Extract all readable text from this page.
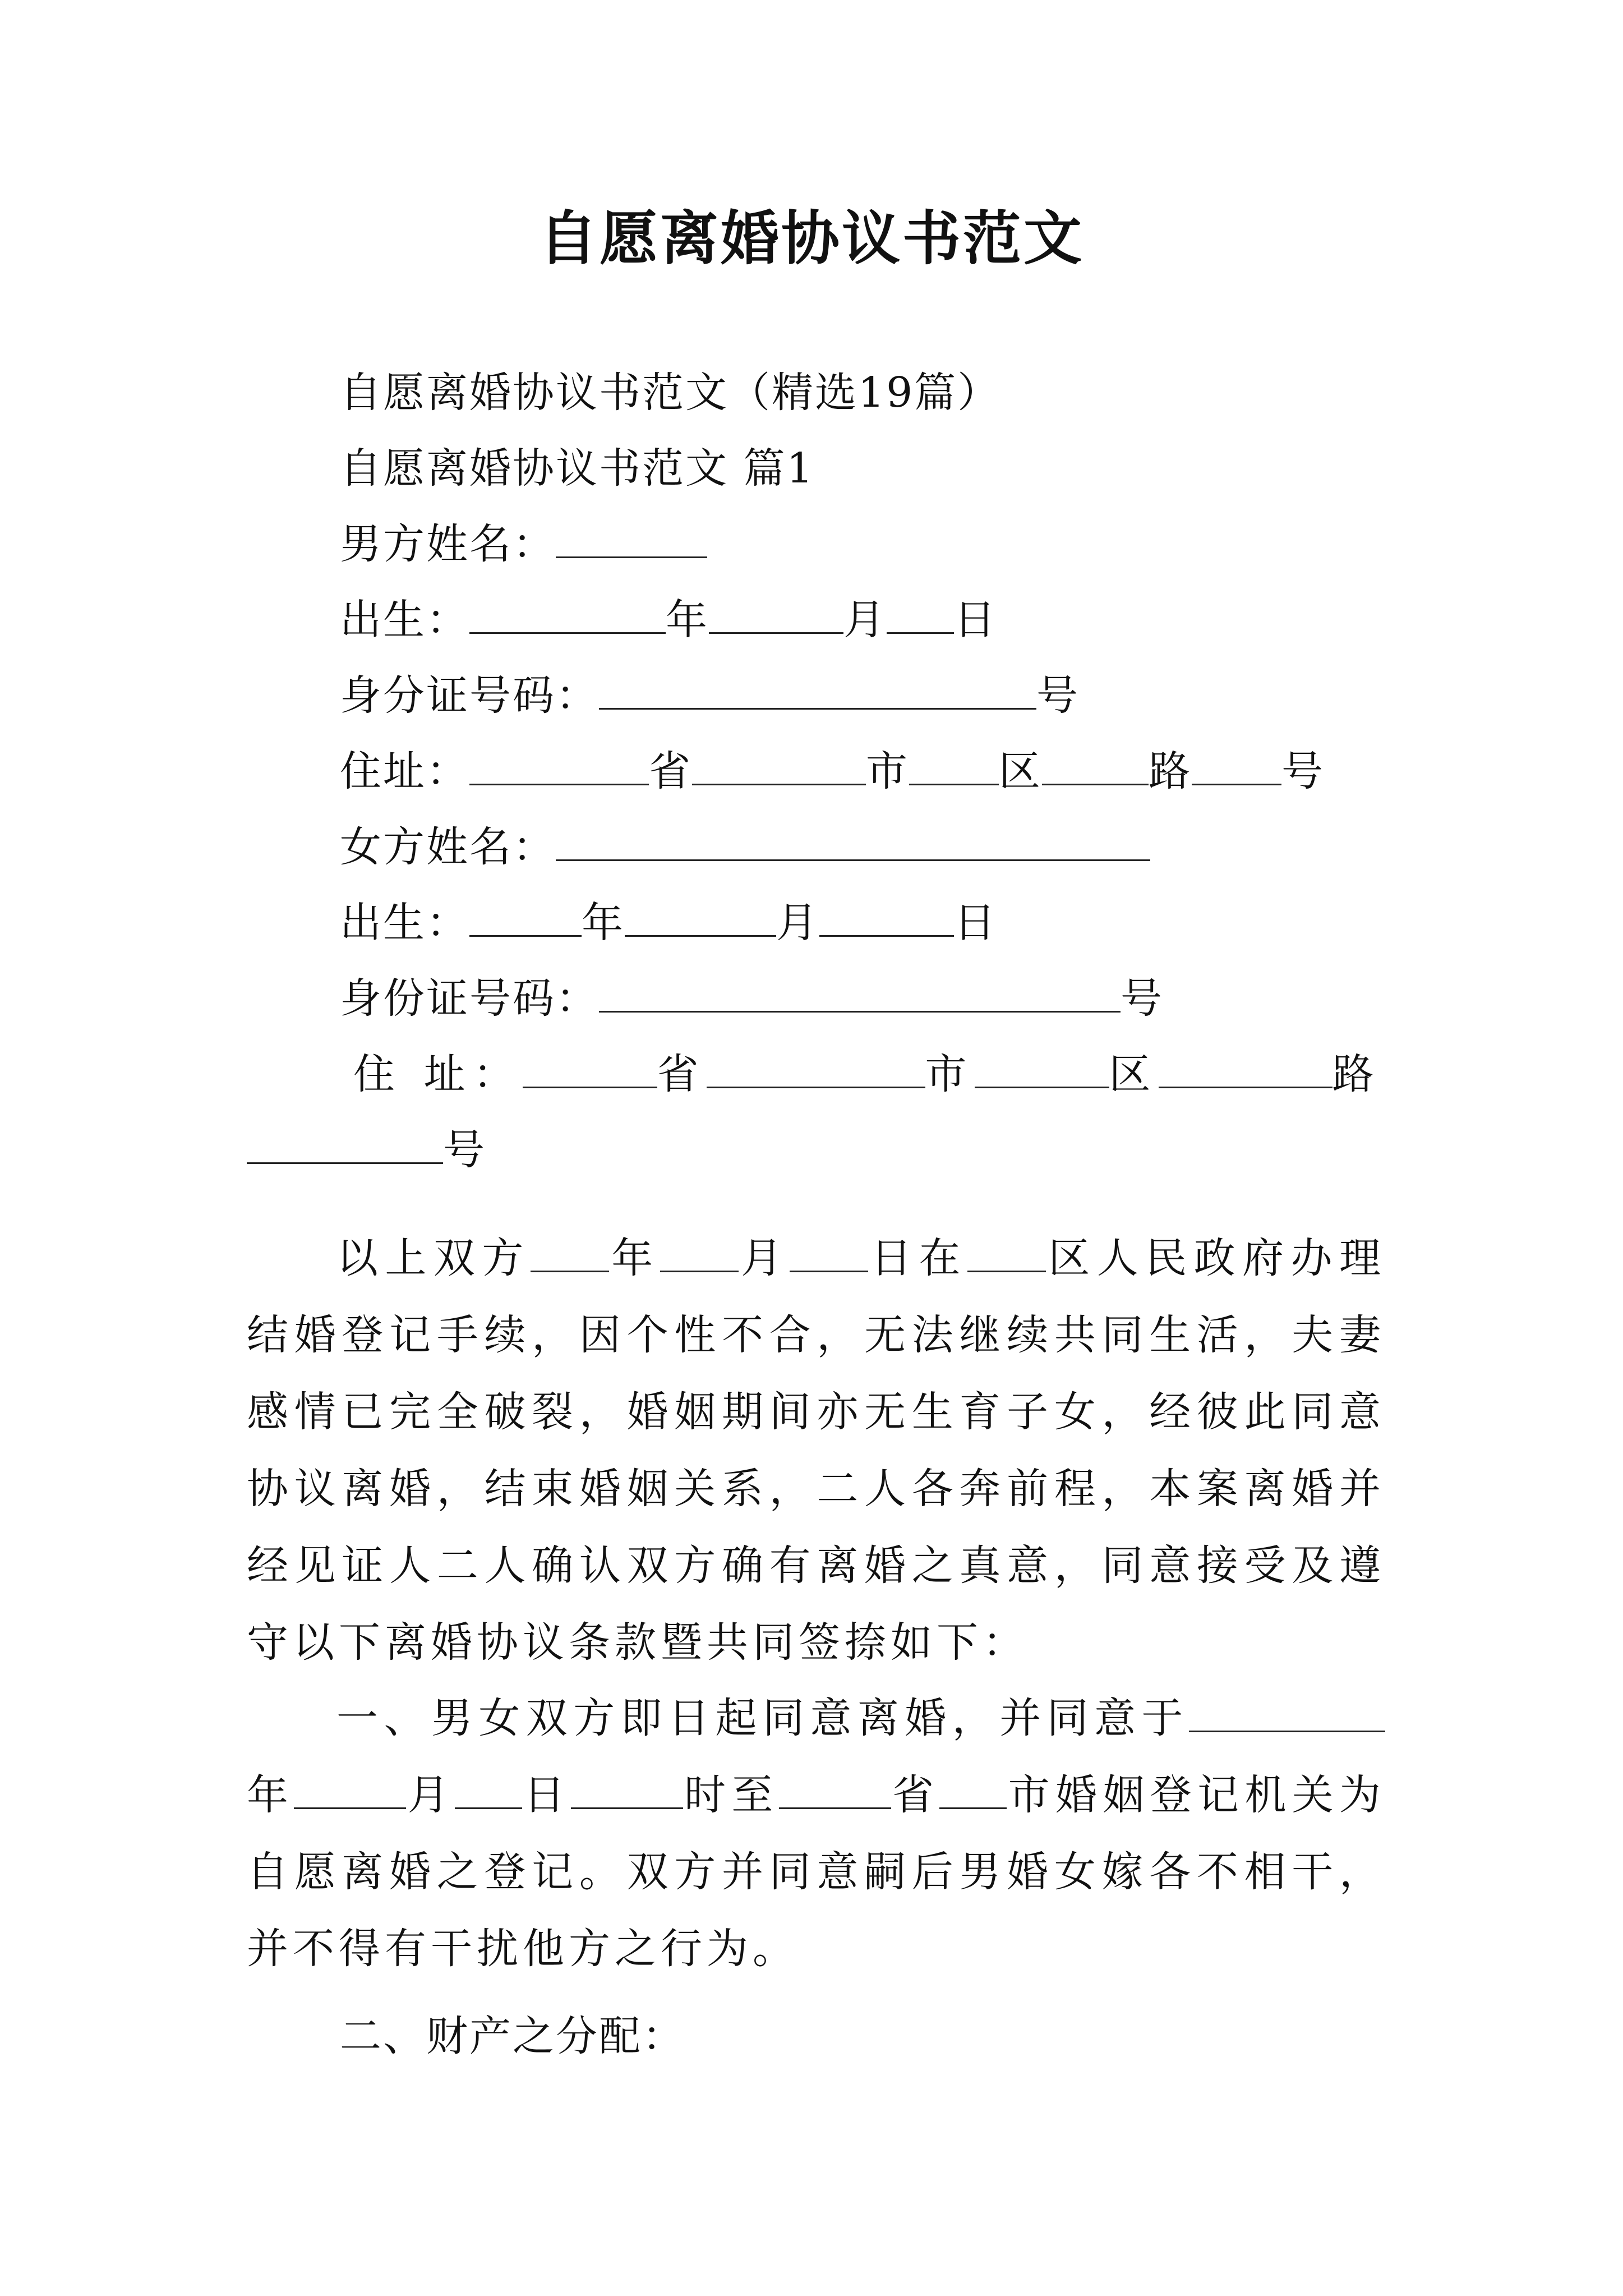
自愿离婚协议书范文
自愿离婚协议书范文（精选19篇）
自愿离婚协议书范文 篇1
男方姓名：
出生：	年	月 日
身分证号码：	号
住址：	省	市 区	路 号
女方姓名：
出生：	年	月	日
身份证号码：	号
住 址：	省	市	区	路
号
以上双方 年 月 日在 区人民政府办理结婚登记手续，因个性不合，无法继续共同生活，夫妻感情已完全破裂，婚姻期间亦无生育子女，经彼此同意协议离婚，结束婚姻关系，二人各奔前程，本案离婚并经见证人二人确认双方确有离婚之真意，同意接受及遵守以下离婚协议条款暨共同签捺如下：
一、男女双方即日起同意离婚，并同意于年	月 日	时至	省 市婚姻登记机关为自愿离婚之登记。双方并同意嗣后男婚女嫁各不相干，并不得有干扰他方之行为。
二、财产之分配：
